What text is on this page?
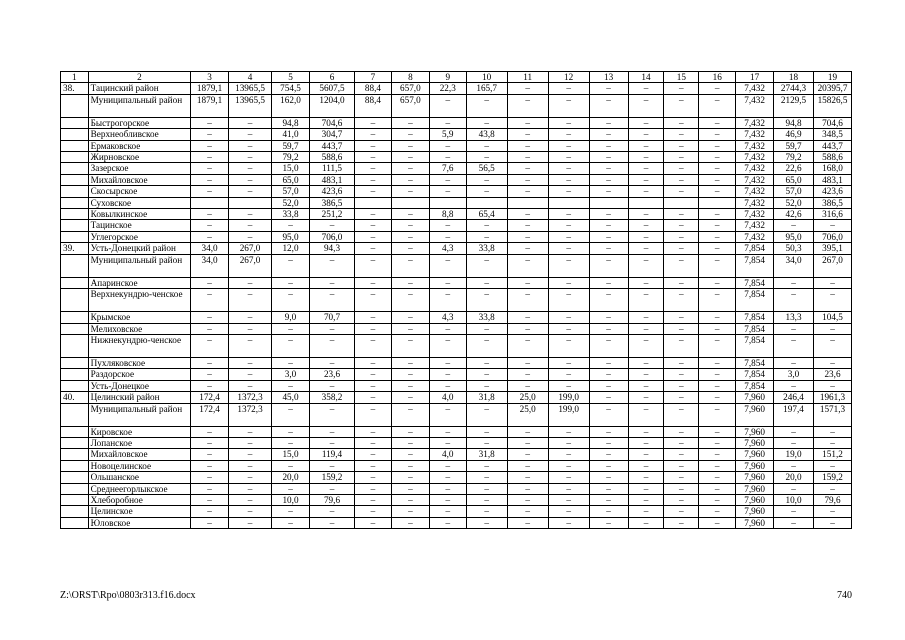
1	2	3	4	5	6	7	8	9	10	11	12	13	14	15	16	17	18	19
38.	Тацинский район	1879,1	13965,5	754,5	5607,5	88,4	657,0	22,3	165,7	–	–	–	–	–	–	7,432	2744,3	20395,7
	Муниципальный район	1879,1	13965,5	162,0	1204,0	88,4	657,0	–	–	–	–	–	–	–	–	7,432	2129,5	15826,5
	Быстрогорское	–	–	94,8	704,6	–	–	–	–	–	–	–	–	–	–	7,432	94,8	704,6
	Верхнеобливское	–	–	41,0	304,7	–	–	5,9	43,8	–	–	–	–	–	–	7,432	46,9	348,5
	Ермаковское	–	–	59,7	443,7	–	–	–	–	–	–	–	–	–	–	7,432	59,7	443,7
	Жирновское	–	–	79,2	588,6	–	–	–	–	–	–	–	–	–	–	7,432	79,2	588,6
	Зазерское	–	–	15,0	111,5	–	–	7,6	56,5	–	–	–	–	–	–	7,432	22,6	168,0
	Михайловское	–	–	65,0	483,1	–	–	–	–	–	–	–	–	–	–	7,432	65,0	483,1
	Скосырское	–	–	57,0	423,6	–	–	–	–	–	–	–	–	–	–	7,432	57,0	423,6
	Суховское			52,0	386,5											7,432	52,0	386,5
	Ковылкинское	–	–	33,8	251,2	–	–	8,8	65,4	–	–	–	–	–	–	7,432	42,6	316,6
	Тацинское	–	–	–	–	–	–	–	–	–	–	–	–	–	–	7,432	–	–
	Углегорское	–	–	95,0	706,0	–	–	–	–	–	–	–	–	–	–	7,432	95,0	706,0
39.	Усть-Донецкий район	34,0	267,0	12,0	94,3	–	–	4,3	33,8	–	–	–	–	–	–	7,854	50,3	395,1
	Муниципальный район	34,0	267,0	–	–	–	–	–	–	–	–	–	–	–	–	7,854	34,0	267,0
	Апаринское	–	–	–	–	–	–	–	–	–	–	–	–	–	–	7,854	–	–
	Верхнекундрю-ченское	–	–	–	–	–	–	–	–	–	–	–	–	–	–	7,854	–	–
	Крымское	–	–	9,0	70,7	–	–	4,3	33,8	–	–	–	–	–	–	7,854	13,3	104,5
	Мелиховское	–	–	–	–	–	–	–	–	–	–	–	–	–	–	7,854	–	–
	Нижнекундрю-ченское	–	–	–	–	–	–	–	–	–	–	–	–	–	–	7,854	–	–
	Пухляковское	–	–	–	–	–	–	–	–	–	–	–	–	–	–	7,854	–	–
	Раздорское	–	–	3,0	23,6	–	–	–	–	–	–	–	–	–	–	7,854	3,0	23,6
	Усть-Донецкое	–	–	–	–	–	–	–	–	–	–	–	–	–	–	7,854	–	–
40.	Целинский район	172,4	1372,3	45,0	358,2	–	–	4,0	31,8	25,0	199,0	–	–	–	–	7,960	246,4	1961,3
	Муниципальный район	172,4	1372,3	–	–	–	–	–	–	25,0	199,0	–	–	–	–	7,960	197,4	1571,3
	Кировское	–	–	–	–	–	–	–	–	–	–	–	–	–	–	7,960	–	–
	Лопанское	–	–	–	–	–	–	–	–	–	–	–	–	–	–	7,960	–	–
	Михайловское	–	–	15,0	119,4	–	–	4,0	31,8	–	–	–	–	–	–	7,960	19,0	151,2
	Новоцелинское	–	–	–	–	–	–	–	–	–	–	–	–	–	–	7,960	–	–
	Ольшанское	–	–	20,0	159,2	–	–	–	–	–	–	–	–	–	–	7,960	20,0	159,2
	Среднеегорлыкское	–	–	–	–	–	–	–	–	–	–	–	–	–	–	7,960	–	–
	Хлеборобное	–	–	10,0	79,6	–	–	–	–	–	–	–	–	–	–	7,960	10,0	79,6
	Целинское	–	–	–	–	–	–	–	–	–	–	–	–	–	–	7,960	–	–
	Юловское	–	–	–	–	–	–	–	–	–	–	–	–	–	–	7,960	–	–
Z:\ORST\Rpo\0803r313.f16.docx	740
